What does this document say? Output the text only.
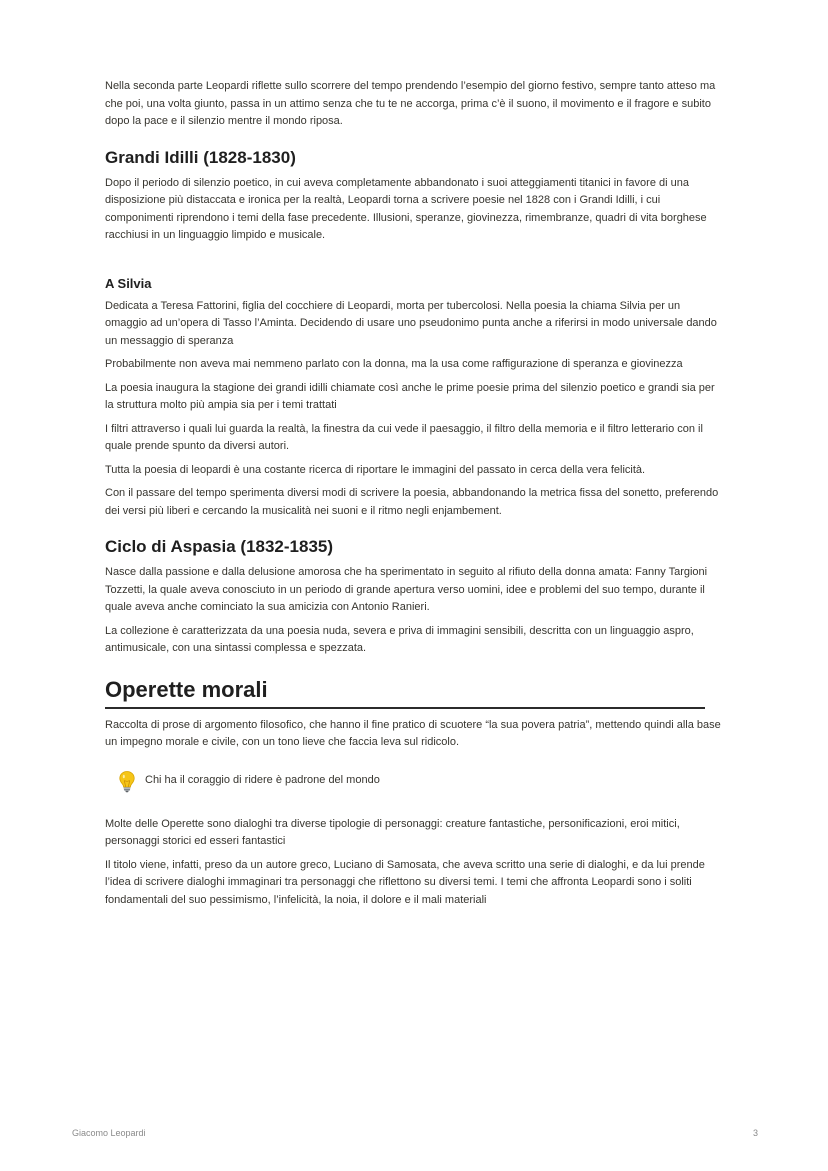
Nella seconda parte Leopardi riflette sullo scorrere del tempo prendendo l’esempio del giorno festivo, sempre tanto atteso ma che poi, una volta giunto, passa in un attimo senza che tu te ne accorga, prima c’è il suono, il movimento e il fragore e subito dopo la pace e il silenzio mentre il mondo riposa.

Grandi Idilli (1828-1830)

Dopo il periodo di silenzio poetico, in cui aveva completamente abbandonato i suoi atteggiamenti titanici in favore di una disposizione più distaccata e ironica per la realtà, Leopardi torna a scrivere poesie nel 1828 con i Grandi Idilli, i cui componimenti riprendono i temi della fase precedente. Illusioni, speranze, giovinezza, rimembranze, quadri di vita borghese racchiusi in un linguaggio limpido e musicale.

A Silvia

Dedicata a Teresa Fattorini, figlia del cocchiere di Leopardi, morta per tubercolosi. Nella poesia la chiama Silvia per un omaggio ad un’opera di Tasso l’Aminta. Decidendo di usare uno pseudonimo punta anche a riferirsi in modo universale dando un messaggio di speranza

Probabilmente non aveva mai nemmeno parlato con la donna, ma la usa come raffigurazione di speranza e giovinezza

La poesia inaugura la stagione dei grandi idilli chiamate così anche le prime poesie prima del silenzio poetico e grandi sia per la struttura molto più ampia sia per i temi trattati

I filtri attraverso i quali lui guarda la realtà, la finestra da cui vede il paesaggio, il filtro della memoria e il filtro letterario con il quale prende spunto da diversi autori.

Tutta la poesia di leopardi è una costante ricerca di riportare le immagini del passato in cerca della vera felicità.

Con il passare del tempo sperimenta diversi modi di scrivere la poesia, abbandonando la metrica fissa del sonetto, preferendo dei versi più liberi e cercando la musicalità nei suoni e il ritmo negli enjambement.

Ciclo di Aspasia (1832-1835)

Nasce dalla passione e dalla delusione amorosa che ha sperimentato in seguito al rifiuto della donna amata: Fanny Targioni Tozzetti, la quale aveva conosciuto in un periodo di grande apertura verso uomini, idee e problemi del suo tempo, durante il quale aveva anche cominciato la sua amicizia con Antonio Ranieri.

La collezione è caratterizzata da una poesia nuda, severa e priva di immagini sensibili, descritta con un linguaggio aspro, antimusicale, con una sintassi complessa e spezzata.

Operette morali

Raccolta di prose di argomento filosofico, che hanno il fine pratico di scuotere “la sua povera patria”, mettendo quindi alla base un impegno morale e civile, con un tono lieve che faccia leva sul ridicolo.

Chi ha il coraggio di ridere è padrone del mondo

Molte delle Operette sono dialoghi tra diverse tipologie di personaggi: creature fantastiche, personificazioni, eroi mitici, personaggi storici ed esseri fantastici

Il titolo viene, infatti, preso da un autore greco, Luciano di Samosata, che aveva scritto una serie di dialoghi, e da lui prende l’idea di scrivere dialoghi immaginari tra personaggi che riflettono su diversi temi. I temi che affronta Leopardi sono i soliti fondamentali del suo pessimismo, l’infelicità, la noia, il dolore e il mali materiali

Giacomo Leopardi	3
